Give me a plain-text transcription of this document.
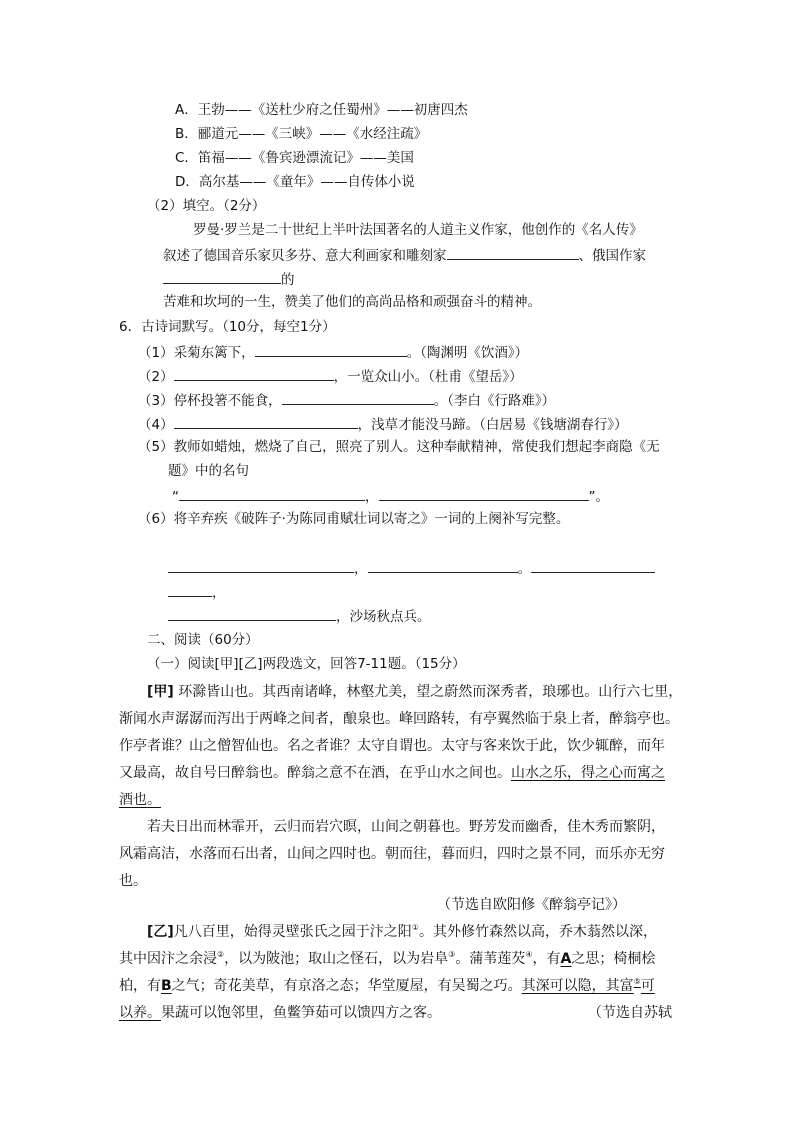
A．王勃——《送杜少府之任蜀州》——初唐四杰
B．郦道元——《三峡》——《水经注疏》
C．笛福——《鲁宾逊漂流记》——美国
D．高尔基——《童年》——自传体小说
（2）填空。（2分）
罗曼·罗兰是二十世纪上半叶法国著名的人道主义作家，他创作的《名人传》
叙述了德国音乐家贝多芬、意大利画家和雕刻家	、俄国作家
的
苦难和坎坷的一生，赞美了他们的高尚品格和顽强奋斗的精神。
6．古诗词默写。（10分，每空1分）
（1）采菊东篱下，	。（陶渊明《饮酒》）
（2）	，一览众山小。（杜甫《望岳》）
（3）停杯投箸不能食，	。（李白《行路难》）
（4）	，浅草才能没马蹄。（白居易《钱塘湖春行》）
（5）教师如蜡烛，燃烧了自己，照亮了别人。这种奉献精神，常使我们想起李商隐《无
题》中的名句
“	，	”。
（6）将辛弃疾《破阵子·为陈同甫赋壮词以寄之》一词的上阕补写完整。
，	。
，
，沙场秋点兵。
二、阅读（60分）
（一）阅读[甲][乙]两段选文，回答7-11题。（15分）
[甲] 环滁皆山也。其西南诸峰，林壑尤美，望之蔚然而深秀者，琅琊也。山行六七里，
渐闻水声潺潺而泻出于两峰之间者，酿泉也。峰回路转，有亭翼然临于泉上者，醉翁亭也。
作亭者谁？山之僧智仙也。名之者谁？太守自谓也。太守与客来饮于此，饮少辄醉，而年
又最高，故自号曰醉翁也。醉翁之意不在酒，在乎山水之间也。山水之乐，得之心而寓之
酒也。
若夫日出而林霏开，云归而岩穴暝，山间之朝暮也。野芳发而幽香，佳木秀而繁阴，
风霜高洁，水落而石出者，山间之四时也。朝而往，暮而归，四时之景不同，而乐亦无穷
也。
（节选自欧阳修《醉翁亭记》）
[乙]凡八百里，始得灵壁张氏之园于汴之阳①。其外修竹森然以高，乔木蓊然以深，
其中因汴之余浸②，以为陂池；取山之怪石，以为岩阜③。蒲苇莲芡④，有A之思；椅桐桧
柏，有B之气；奇花美草，有京洛之态；华堂厦屋，有吴蜀之巧。其深可以隐，其富⑤可
以养。果蔬可以饱邻里，鱼鳖笋茹可以馈四方之客。	（节选自苏轼
